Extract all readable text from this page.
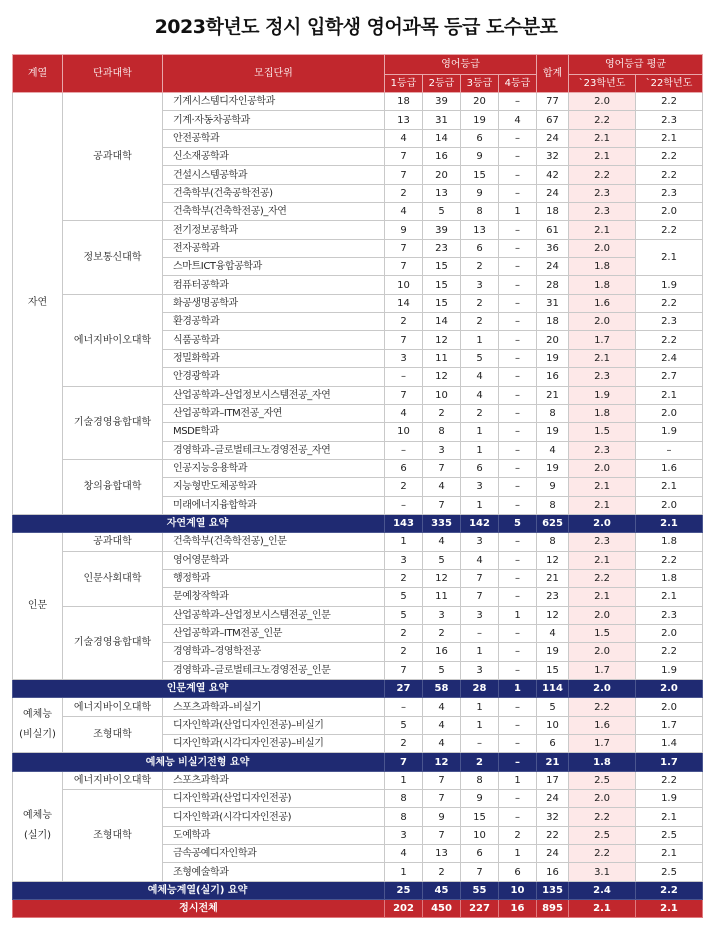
2023학년도 정시 입학생 영어과목 등급 도수분포
계열	단과대학	모집단위	영어등급				합계	영어등급 평균	
			1등급	2등급	3등급	4등급		`23학년도	`22학년도
자연	공과대학	기계시스템디자인공학과	18	39	20	–	77	2.0	2.2
		기계·자동차공학과	13	31	19	4	67	2.2	2.3
		안전공학과	4	14	6	–	24	2.1	2.1
		신소재공학과	7	16	9	–	32	2.1	2.2
		건설시스템공학과	7	20	15	–	42	2.2	2.2
		건축학부(건축공학전공)	2	13	9	–	24	2.3	2.3
		건축학부(건축학전공)_자연	4	5	8	1	18	2.3	2.0
	정보통신대학	전기정보공학과	9	39	13	–	61	2.1	2.2
		전자공학과	7	23	6	–	36	2.0	2.1
		스마트ICT융합공학과	7	15	2	–	24	1.8	
		컴퓨터공학과	10	15	3	–	28	1.8	1.9
	에너지바이오대학	화공생명공학과	14	15	2	–	31	1.6	2.2
		환경공학과	2	14	2	–	18	2.0	2.3
		식품공학과	7	12	1	–	20	1.7	2.2
		정밀화학과	3	11	5	–	19	2.1	2.4
		안경광학과	–	12	4	–	16	2.3	2.7
	기술경영융합대학	산업공학과–산업정보시스템전공_자연	7	10	4	–	21	1.9	2.1
		산업공학과–ITM전공_자연	4	2	2	–	8	1.8	2.0
		MSDE학과	10	8	1	–	19	1.5	1.9
		경영학과–글로벌테크노경영전공_자연	–	3	1	–	4	2.3	–
	창의융합대학	인공지능응용학과	6	7	6	–	19	2.0	1.6
		지능형반도체공학과	2	4	3	–	9	2.1	2.1
		미래에너지융합학과	–	7	1	–	8	2.1	2.0
자연계열 요약			143	335	142	5	625	2.0	2.1
인문	공과대학	건축학부(건축학전공)_인문	1	4	3	–	8	2.3	1.8
	인문사회대학	영어영문학과	3	5	4	–	12	2.1	2.2
		행정학과	2	12	7	–	21	2.2	1.8
		문예창작학과	5	11	7	–	23	2.1	2.1
	기술경영융합대학	산업공학과–산업정보시스템전공_인문	5	3	3	1	12	2.0	2.3
		산업공학과–ITM전공_인문	2	2	–	–	4	1.5	2.0
		경영학과–경영학전공	2	16	1	–	19	2.0	2.2
		경영학과–글로벌테크노경영전공_인문	7	5	3	–	15	1.7	1.9
인문계열 요약			27	58	28	1	114	2.0	2.0

예체능
(비실기)	에너지바이오대학	스포츠과학과–비실기	–	4	1	–	5	2.2	2.0
	조형대학	디자인학과(산업디자인전공)–비실기	5	4	1	–	10	1.6	1.7
		디자인학과(시각디자인전공)–비실기	2	4	–	–	6	1.7	1.4
예체능 비실기전형 요약			7	12	2	–	21	1.8	1.7

예체능
(실기)	에너지바이오대학	스포츠과학과	1	7	8	1	17	2.5	2.2
	조형대학	디자인학과(산업디자인전공)	8	7	9	–	24	2.0	1.9
		디자인학과(시각디자인전공)	8	9	15	–	32	2.2	2.1
		도예학과	3	7	10	2	22	2.5	2.5
		금속공예디자인학과	4	13	6	1	24	2.2	2.1
		조형예술학과	1	2	7	6	16	3.1	2.5
예체능계열(실기) 요약			25	45	55	10	135	2.4	2.2
정시전체			202	450	227	16	895	2.1	2.1
